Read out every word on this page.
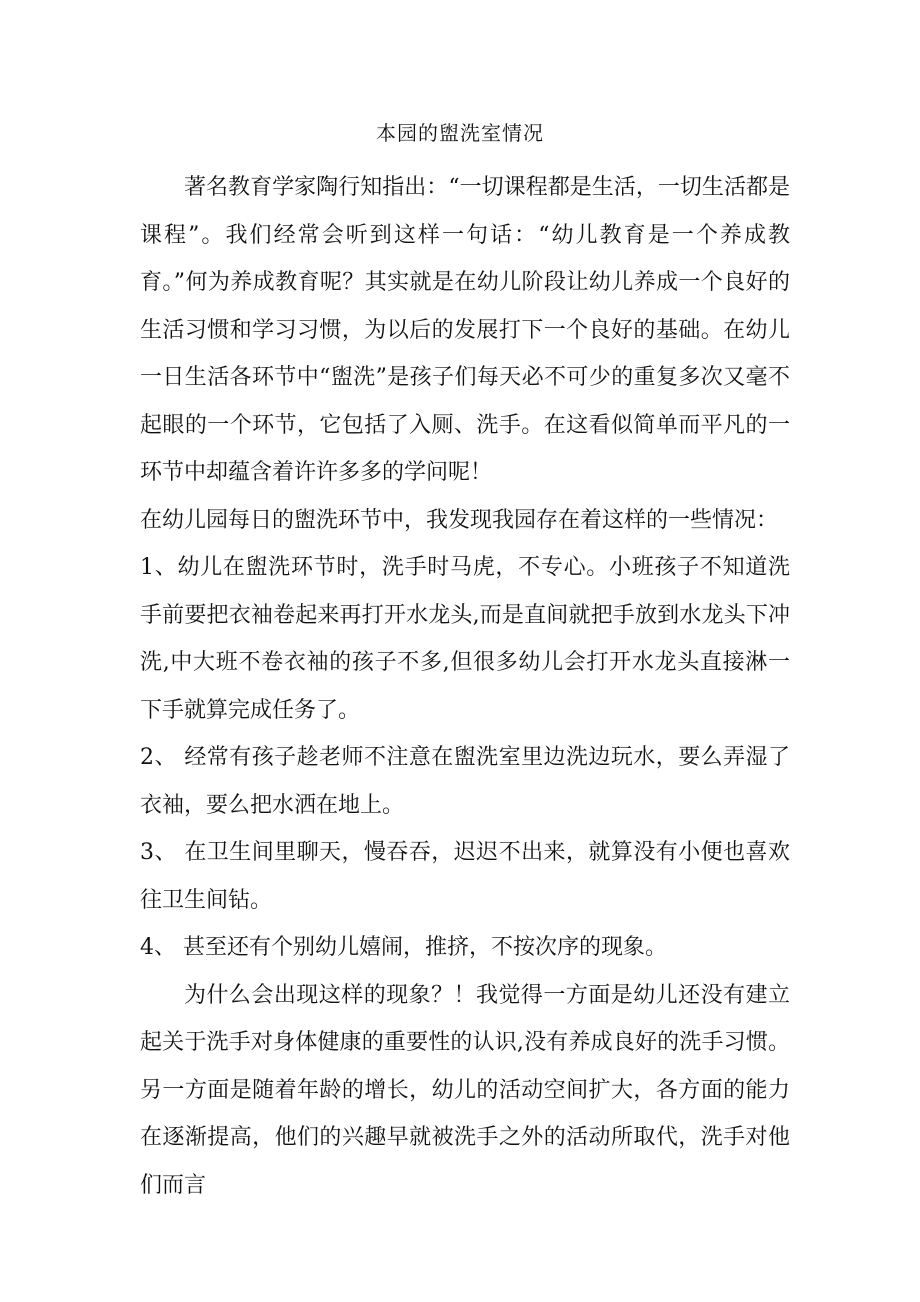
本园的盥洗室情况

著名教育学家陶行知指出：“一切课程都是生活，一切生活都是课程”。我们经常会听到这样一句话：“幼儿教育是一个养成教育。”何为养成教育呢？其实就是在幼儿阶段让幼儿养成一个良好的生活习惯和学习习惯，为以后的发展打下一个良好的基础。在幼儿一日生活各环节中“盥洗”是孩子们每天必不可少的重复多次又毫不起眼的一个环节，它包括了入厕、洗手。在这看似简单而平凡的一环节中却蕴含着许许多多的学问呢！

在幼儿园每日的盥洗环节中，我发现我园存在着这样的一些情况：

1、幼儿在盥洗环节时，洗手时马虎，不专心。小班孩子不知道洗手前要把衣袖卷起来再打开水龙头,而是直间就把手放到水龙头下冲洗,中大班不卷衣袖的孩子不多,但很多幼儿会打开水龙头直接淋一下手就算完成任务了。

2、 经常有孩子趁老师不注意在盥洗室里边洗边玩水，要么弄湿了衣袖，要么把水洒在地上。

3、 在卫生间里聊天，慢吞吞，迟迟不出来，就算没有小便也喜欢往卫生间钻。

4、 甚至还有个别幼儿嬉闹，推挤，不按次序的现象。

为什么会出现这样的现象？！我觉得一方面是幼儿还没有建立起关于洗手对身体健康的重要性的认识,没有养成良好的洗手习惯。另一方面是随着年龄的增长，幼儿的活动空间扩大，各方面的能力在逐渐提高，他们的兴趣早就被洗手之外的活动所取代，洗手对他们而言
